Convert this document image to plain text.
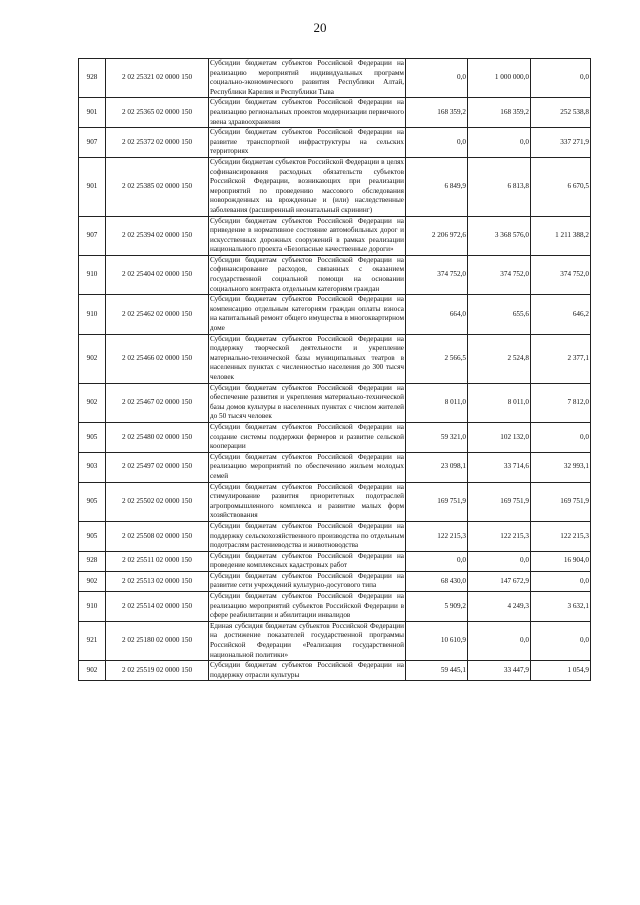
20
928	2 02 25321 02 0000 150	Субсидии бюджетам субъектов Российской Федерации на реализацию мероприятий индивидуальных программ социально-экономического развития Республики Алтай, Республики Карелия и Республики Тыва	0,0	1 000 000,0	0,0
901	2 02 25365 02 0000 150	Субсидии бюджетам субъектов Российской Федерации на реализацию региональных проектов модернизации первичного звена здравоохранения	168 359,2	168 359,2	252 538,8
907	2 02 25372 02 0000 150	Субсидии бюджетам субъектов Российской Федерации на развитие транспортной инфраструктуры на сельских территориях	0,0	0,0	337 271,9
901	2 02 25385 02 0000 150	Субсидии бюджетам субъектов Российской Федерации в целях софинансирования расходных обязательств субъектов Российской Федерации, возникающих при реализации мероприятий по проведению массового обследования новорожденных на врожденные и (или) наследственные заболевания (расширенный неонатальный скрининг)	6 849,9	6 813,8	6 670,5
907	2 02 25394 02 0000 150	Субсидии бюджетам субъектов Российской Федерации на приведение в нормативное состояние автомобильных дорог и искусственных дорожных сооружений в рамках реализации национального проекта «Безопасные качественные дороги»	2 206 972,6	3 368 576,0	1 211 388,2
910	2 02 25404 02 0000 150	Субсидии бюджетам субъектов Российской Федерации на софинансирование расходов, связанных с оказанием государственной социальной помощи на основании социального контракта отдельным категориям граждан	374 752,0	374 752,0	374 752,0
910	2 02 25462 02 0000 150	Субсидии бюджетам субъектов Российской Федерации на компенсацию отдельным категориям граждан оплаты взноса на капитальный ремонт общего имущества в многоквартирном доме	664,0	655,6	646,2
902	2 02 25466 02 0000 150	Субсидии бюджетам субъектов Российской Федерации на поддержку творческой деятельности и укрепление материально-технической базы муниципальных театров в населенных пунктах с численностью населения до 300 тысяч человек	2 566,5	2 524,8	2 377,1
902	2 02 25467 02 0000 150	Субсидии бюджетам субъектов Российской Федерации на обеспечение развития и укрепления материально-технической базы домов культуры в населенных пунктах с числом жителей до 50 тысяч человек	8 011,0	8 011,0	7 812,0
905	2 02 25480 02 0000 150	Субсидии бюджетам субъектов Российской Федерации на создание системы поддержки фермеров и развитие сельской кооперации	59 321,0	102 132,0	0,0
903	2 02 25497 02 0000 150	Субсидии бюджетам субъектов Российской Федерации на реализацию мероприятий по обеспечению жильем молодых семей	23 098,1	33 714,6	32 993,1
905	2 02 25502 02 0000 150	Субсидии бюджетам субъектов Российской Федерации на стимулирование развития приоритетных подотраслей агропромышленного комплекса и развитие малых форм хозяйствования	169 751,9	169 751,9	169 751,9
905	2 02 25508 02 0000 150	Субсидии бюджетам субъектов Российской Федерации на поддержку сельскохозяйственного производства по отдельным подотраслям растениеводства и животноводства	122 215,3	122 215,3	122 215,3
928	2 02 25511 02 0000 150	Субсидии бюджетам субъектов Российской Федерации на проведение комплексных кадастровых работ	0,0	0,0	16 904,0
902	2 02 25513 02 0000 150	Субсидии бюджетам субъектов Российской Федерации на развитие сети учреждений культурно-досугового типа	68 430,0	147 672,9	0,0
910	2 02 25514 02 0000 150	Субсидии бюджетам субъектов Российской Федерации на реализацию мероприятий субъектов Российской Федерации в сфере реабилитации и абилитации инвалидов	5 909,2	4 249,3	3 632,1
921	2 02 25180 02 0000 150	Единая субсидия бюджетам субъектов Российской Федерации на достижение показателей государственной программы Российской Федерации «Реализация государственной национальной политики»	10 610,9	0,0	0,0
902	2 02 25519 02 0000 150	Субсидии бюджетам субъектов Российской Федерации на поддержку отрасли культуры	59 445,1	33 447,9	1 054,9
